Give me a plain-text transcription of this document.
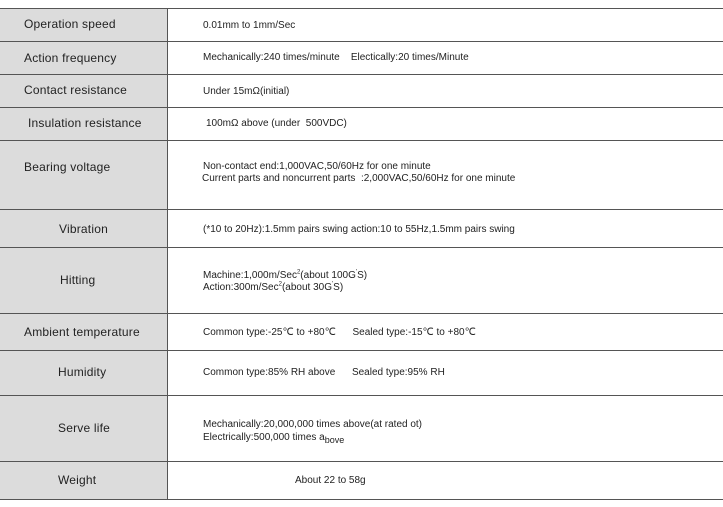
Operation speed	0.01mm to 1mm/Sec
Action frequency	Mechanically:240 times/minute    Electically:20 times/Minute
Contact resistance	Under 15mΩ(initial)
Insulation resistance	100mΩ above (under  500VDC)
Bearing voltage	Non-contact end:1,000VAC,50/60Hz for one minute
Current parts and noncurrent parts  :2,000VAC,50/60Hz for one minute
Vibration	(*10 to 20Hz):1.5mm pairs swing action:10 to 55Hz,1.5mm pairs swing
Hitting	Machine:1,000m/Sec$^2$(about 100G'S)
Action:300m/Sec$^2$(about 30G'S)
Ambient temperature	Common type:-25℃ to +80℃      Sealed type:-15℃ to +80℃
Humidity	Common type:85% RH above      Sealed type:95% RH
Serve life	Mechanically:20,000,000 times above(at rated ot)
Electrically:500,000 times $a_{bove}$
Weight	About 22 to 58g
